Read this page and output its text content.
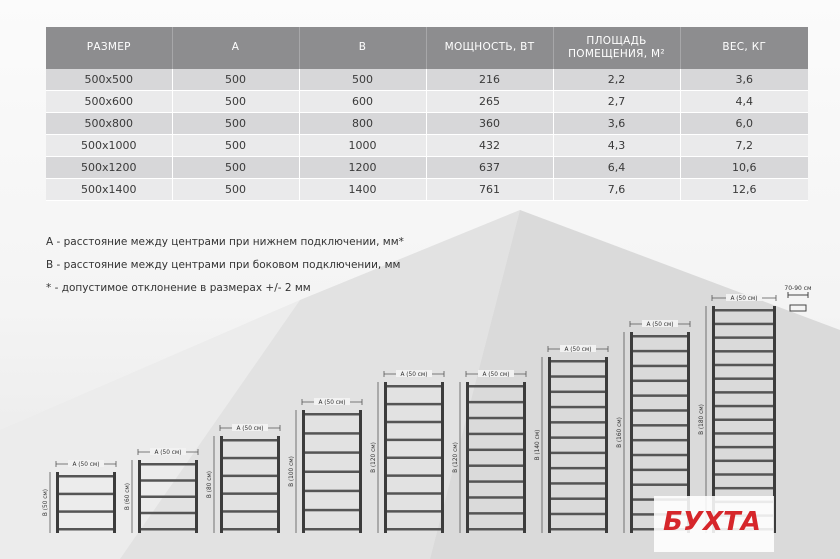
РАЗМЕР	A	B	МОЩНОСТЬ, ВТ	ПЛОЩАДЬ ПОМЕЩЕНИЯ, М²	ВЕС, КГ
500x500	500	500	216	2,2	3,6
500x600	500	600	265	2,7	4,4
500x800	500	800	360	3,6	6,0
500x1000	500	1000	432	4,3	7,2
500x1200	500	1200	637	6,4	10,6
500x1400	500	1400	761	7,6	12,6
А - расстояние между центрами при нижнем подключении, мм*
В - расстояние между центрами при боковом подключении, мм
* - допустимое отклонение в размерах +/- 2 мм
А (50 см)
В (50 см)
А (50 см)
В (60 см)
А (50 см)
В (80 см)
А (50 см)
В (100 см)
А (50 см)
В (120 см)
А (50 см)
В (120 см)
А (50 см)
В (140 см)
А (50 см)
В (160 см)
А (50 см)
В (180 см)
70-90 см
БУХТА
